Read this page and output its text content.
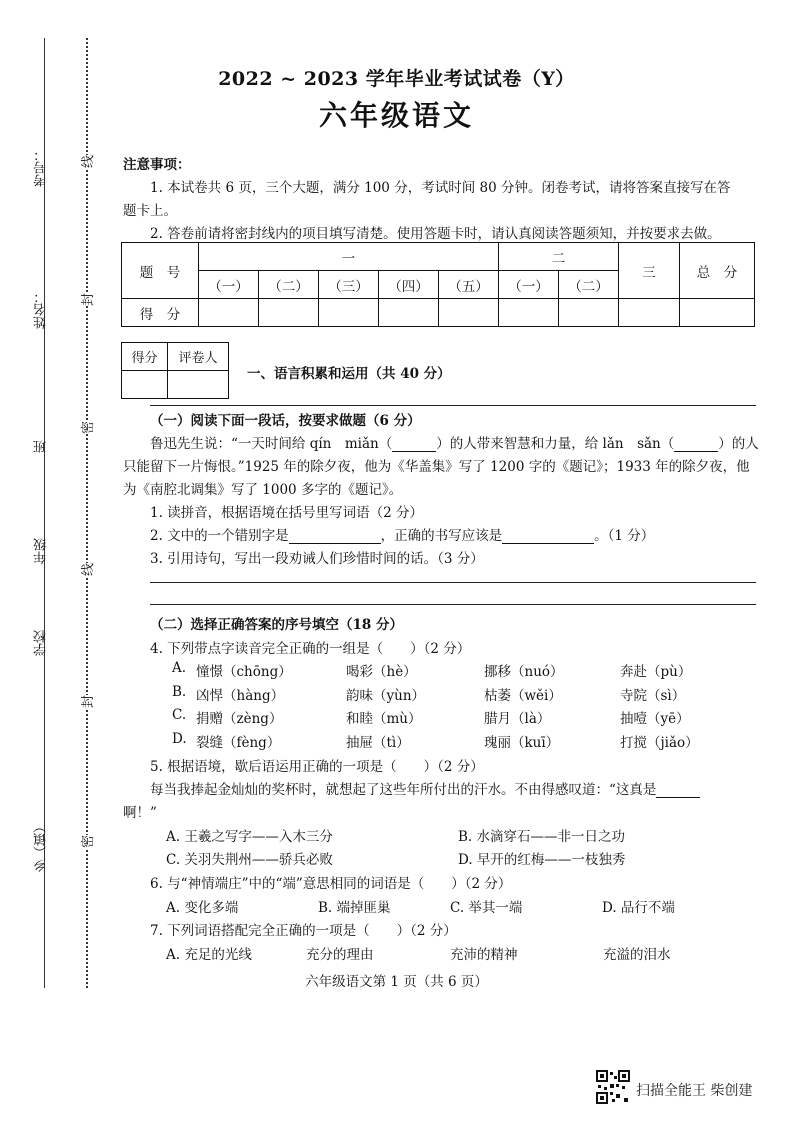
考号：
姓名：
班
年级
学校
乡（镇）
线
封
密
线
封
密
2022 ~ 2023 学年毕业考试试卷（Y）
六年级语文
注意事项：
1. 本试卷共 6 页，三个大题，满分 100 分，考试时间 80 分钟。闭卷考试，请将答案直接写在答
题卡上。
2. 答卷前请将密封线内的项目填写清楚。使用答题卡时，请认真阅读答题须知，并按要求去做。
题　号	一					二		三	总　分
	（一）	（二）	（三）	（四）	（五）	（一）	（二）		
得　分									
得分	评卷人

一、语言积累和运用（共 40 分）
（一）阅读下面一段话，按要求做题（6 分）
鲁迅先生说：“一天时间给 qín　miǎn（	）的人带来智慧和力量，给 lǎn　sǎn（	）的人
只能留下一片悔恨。”1925 年的除夕夜，他为《华盖集》写了 1200 字的《题记》；1933 年的除夕夜，他
为《南腔北调集》写了 1000 多字的《题记》。
1. 读拼音，根据语境在括号里写词语（2 分）
2. 文中的一个错别字是	，正确的书写应该是	。（1 分）
3. 引用诗句，写出一段劝诫人们珍惜时间的话。（3 分）
（二）选择正确答案的序号填空（18 分）
4. 下列带点字读音完全正确的一组是（　　）（2 分）
A. 憧憬（chōng）	喝彩（hè）	挪移（nuó）	奔赴（pù）
B. 凶悍（hàng）	韵味（yùn）	枯萎（wěi）	寺院（sì）
C. 捐赠（zèng）	和睦（mù）	腊月（là）	抽噎（yē）
D. 裂缝（fèng）	抽屉（tì）	瑰丽（kuī）	打搅（jiǎo）
5. 根据语境，歇后语运用正确的一项是（　　）（2 分）
每当我捧起金灿灿的奖杯时，就想起了这些年所付出的汗水。不由得感叹道：“这真是
啊！”
A. 王羲之写字——入木三分	B. 水滴穿石——非一日之功
C. 关羽失荆州——骄兵必败	D. 早开的红梅——一枝独秀
6. 与“神情端庄”中的“端”意思相同的词语是（　　）（2 分）
A. 变化多端	B. 端掉匪巢	C. 举其一端	D. 品行不端
7. 下列词语搭配完全正确的一项是（　　）（2 分）
A. 充足的光线	充分的理由	充沛的精神	充溢的泪水
六年级语文第 1 页（共 6 页）
扫描全能王 柴创建
